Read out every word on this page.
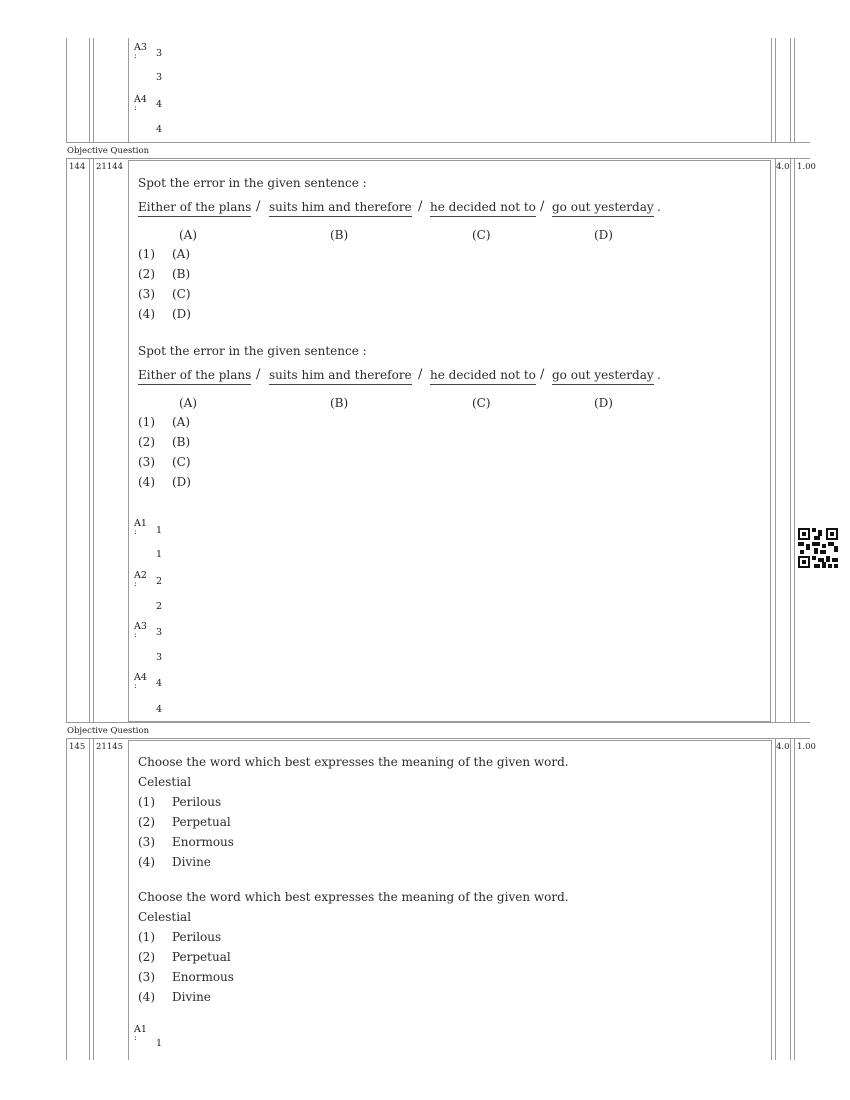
A3
: 3
3
A4
: 4
4
Objective Question
144 21144	4.0 1.00
Spot the error in the given sentence :
Either of the plans / suits him and therefore / he decided not to / go out yesterday .
(A)	(B)	(C)	(D)
(1) (A)
(2) (B)
(3) (C)
(4) (D)
Spot the error in the given sentence :
Either of the plans / suits him and therefore / he decided not to / go out yesterday .
(A)	(B)	(C)	(D)
(1) (A)
(2) (B)
(3) (C)
(4) (D)
A1
: 1
1
A2
: 2
2
A3
: 3
3
A4
: 4
4
Objective Question
145 21145	4.0 1.00
Choose the word which best expresses the meaning of the given word.
Celestial
(1) Perilous
(2) Perpetual
(3) Enormous
(4) Divine
Choose the word which best expresses the meaning of the given word.
Celestial
(1) Perilous
(2) Perpetual
(3) Enormous
(4) Divine
A1
:
1
